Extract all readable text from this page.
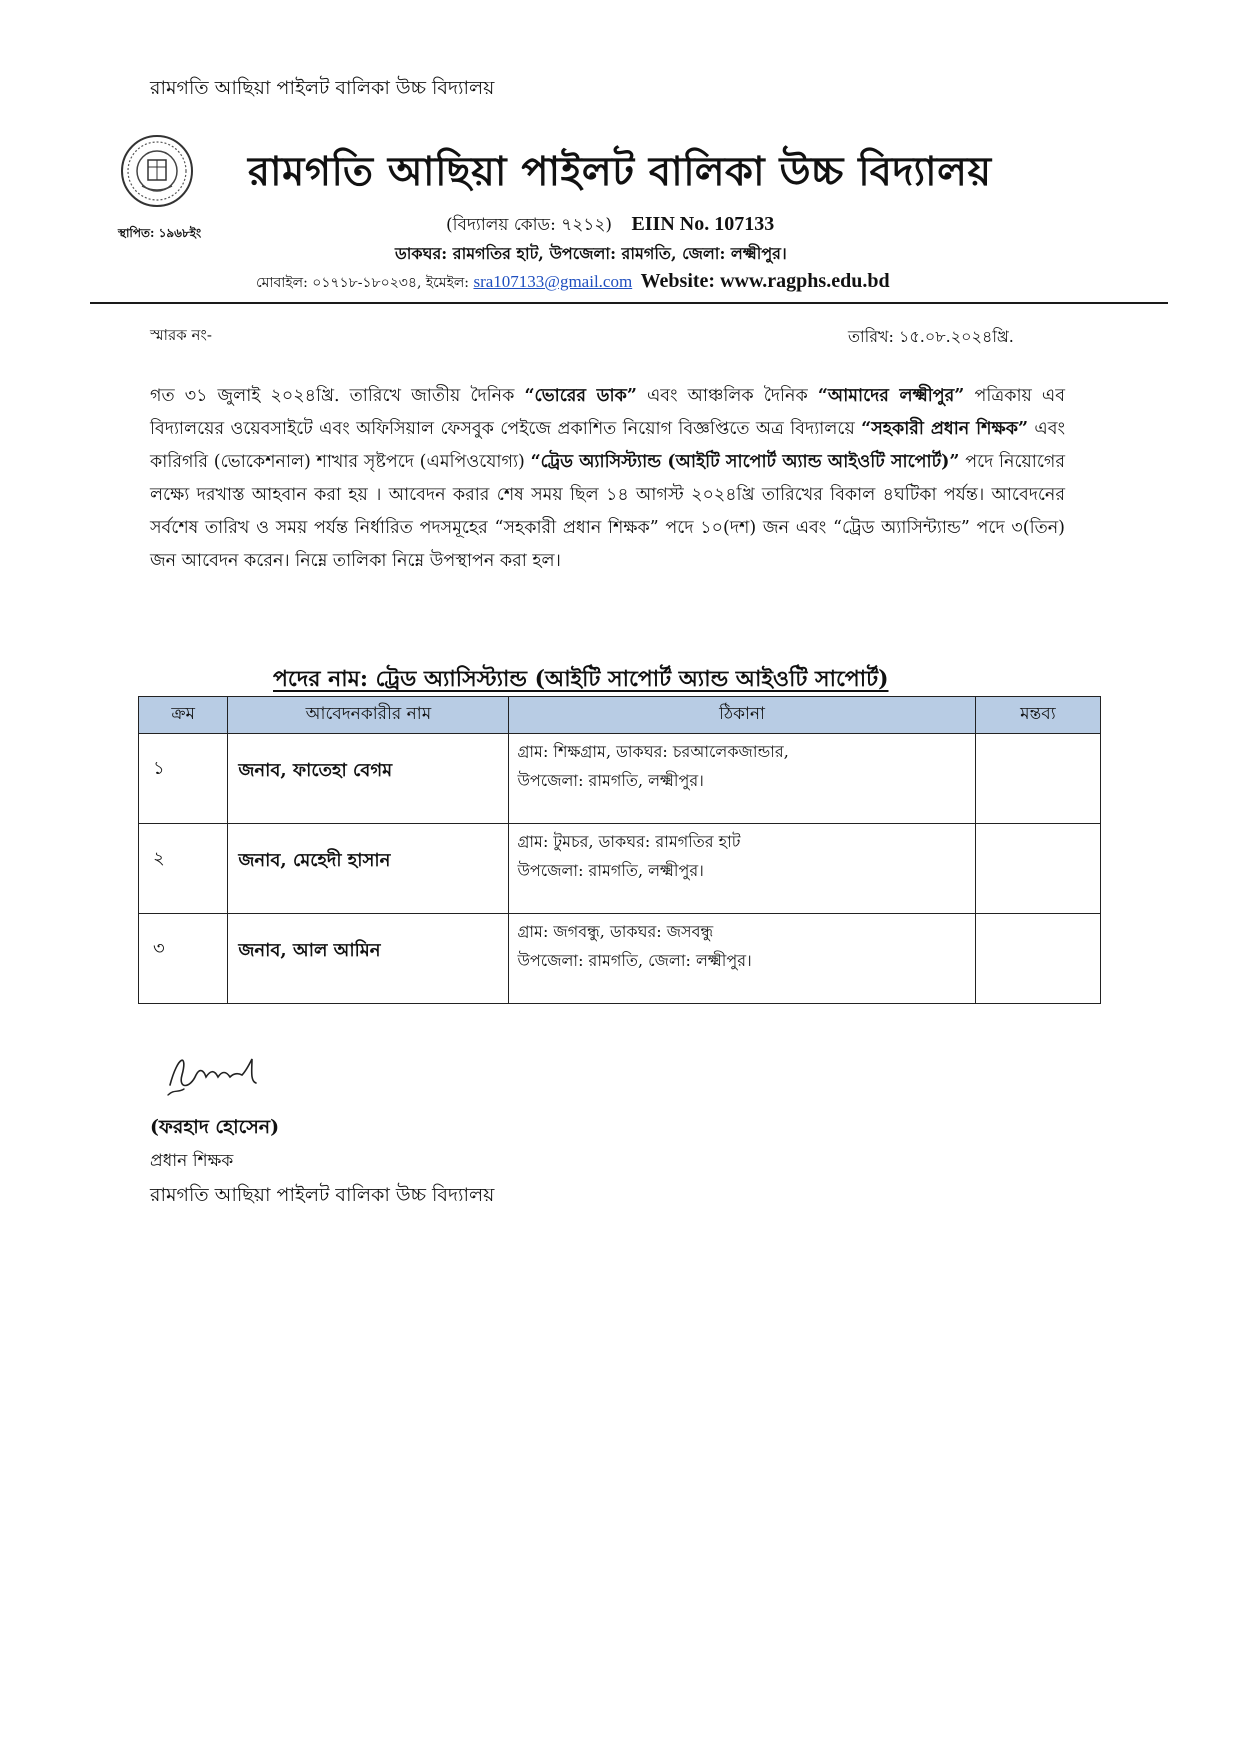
রামগতি আছিয়া পাইলট বালিকা উচ্চ বিদ্যালয়
স্থাপিত: ১৯৬৮ইং
রামগতি আছিয়া পাইলট বালিকা উচ্চ বিদ্যালয়
(বিদ্যালয় কোড: ৭২১২) EIIN No. 107133
ডাকঘর: রামগতির হাট, উপজেলা: রামগতি, জেলা: লক্ষ্মীপুর।
মোবাইল: ০১৭১৮-১৮০২৩৪, ইমেইল: sra107133@gmail.com Website: www.ragphs.edu.bd
স্মারক নং-	তারিখ: ১৫.০৮.২০২৪খ্রি.
গত ৩১ জুলাই ২০২৪খ্রি. তারিখে জাতীয় দৈনিক “ভোরের ডাক” এবং আঞ্চলিক দৈনিক “আমাদের লক্ষ্মীপুর” পত্রিকায় এব বিদ্যালয়ের ওয়েবসাইটে এবং অফিসিয়াল ফেসবুক পেইজে প্রকাশিত নিয়োগ বিজ্ঞপ্তিতে অত্র বিদ্যালয়ে “সহকারী প্রধান শিক্ষক” এবং কারিগরি (ভোকেশনাল) শাখার সৃষ্টপদে (এমপিওযোগ্য) “ট্রেড অ্যাসিস্ট্যান্ড (আইটি সাপোর্ট অ্যান্ড আইওটি সাপোর্ট)” পদে নিয়োগের লক্ষ্যে দরখাস্ত আহবান করা হয় । আবেদন করার শেষ সময় ছিল ১৪ আগস্ট ২০২৪খ্রি তারিখের বিকাল ৪ঘটিকা পর্যন্ত। আবেদনের সর্বশেষ তারিখ ও সময় পর্যন্ত নির্ধারিত পদসমূহের “সহকারী প্রধান শিক্ষক” পদে ১০(দশ) জন এবং “ট্রেড অ্যাসিন্ট্যান্ড” পদে ৩(তিন) জন আবেদন করেন। নিম্নে তালিকা নিম্নে উপস্থাপন করা হল।
পদের নাম: ট্রেড অ্যাসিস্ট্যান্ড (আইটি সাপোর্ট অ্যান্ড আইওটি সাপোর্ট)
ক্রম	আবেদনকারীর নাম	ঠিকানা	মন্তব্য
১	জনাব, ফাতেহা বেগম	গ্রাম: শিক্ষগ্রাম, ডাকঘর: চরআলেকজান্ডার,
উপজেলা: রামগতি, লক্ষ্মীপুর।	

২	জনাব, মেহেদী হাসান	গ্রাম: টুমচর, ডাকঘর: রামগতির হাট
উপজেলা: রামগতি, লক্ষ্মীপুর।	

৩	জনাব, আল আমিন	গ্রাম: জগবন্ধু, ডাকঘর: জসবন্ধু
উপজেলা: রামগতি, জেলা: লক্ষ্মীপুর।	

(ফরহাদ হোসেন)
প্রধান শিক্ষক
রামগতি আছিয়া পাইলট বালিকা উচ্চ বিদ্যালয়
